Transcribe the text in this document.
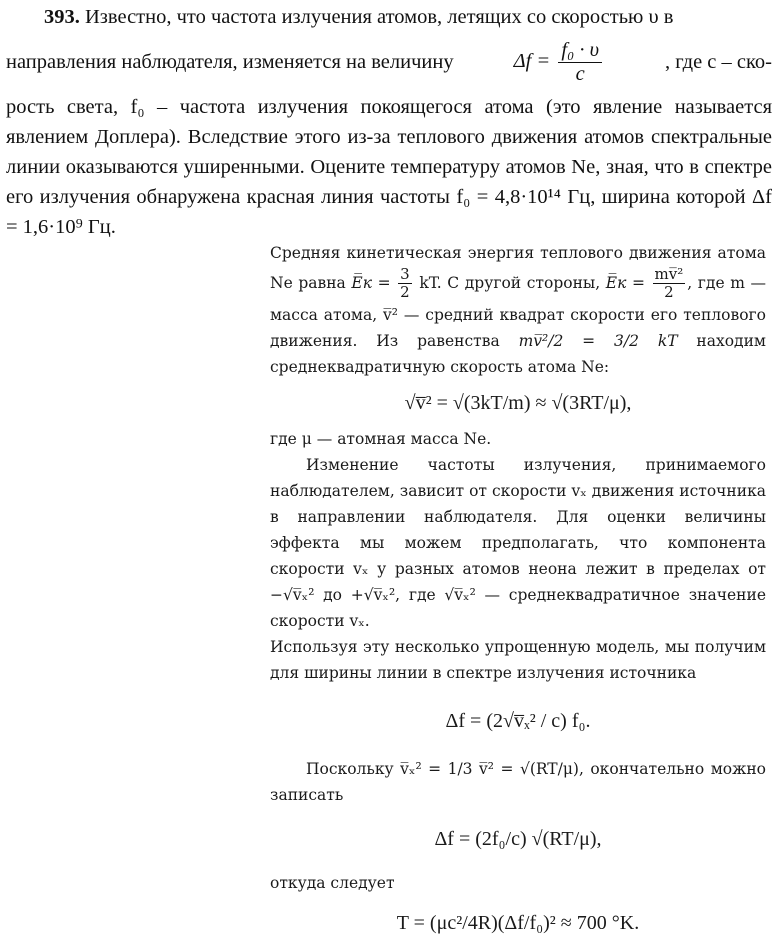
393. Известно, что частота излучения атомов, летящих со скоростью υ в

направления наблюдателя, изменяется на величину	$\Delta f = \frac{\text{f₀ · υ}}{c}$	, где c – ско-
рость света, f₀ – частота излучения покоящегося атома (это явление называется явлением Доплера). Вследствие этого из-за теплового движения атомов спектральные линии оказываются уширенными. Оцените температуру атомов Ne, зная, что в спектре его излучения обнаружена красная линия частоты f₀ = 4,8·10¹⁴ Гц, ширина которой Δf = 1,6·10⁹ Гц.

Средняя кинетическая энергия теплового движения атома Ne равна E̅к = $\frac{3}{2}$ kT. С другой стороны, E̅к = $\frac{\text{mv̅²}}{2}$ , где m — масса атома, v̅² — средний квадрат скорости его теплового движения. Из равенства mv̅²/2 = 3/2 kT находим среднеквадратичную скорость атома Ne:

√v̅² = √(3kT/m) ≈ √(3RT/μ),

где μ — атомная масса Ne.

Изменение частоты излучения, принимаемого наблюдателем, зависит от скорости vₓ движения источника в направлении наблюдателя. Для оценки величины эффекта мы можем предполагать, что компонента скорости vₓ у разных атомов неона лежит в пределах от −√v̅ₓ² до +√v̅ₓ², где √v̅ₓ² — среднеквадратичное значение скорости vₓ.

Используя эту несколько упрощенную модель, мы получим для ширины линии в спектре излучения источника

Δf = (2√v̅ₓ² / c) f₀.

Поскольку v̅ₓ² = 1/3 v̅² = √(RT/μ), окончательно можно записать

Δf = (2f₀/c) √(RT/μ),

откуда следует

T = (μc²/4R)(Δf/f₀)² ≈ 700 °K.
